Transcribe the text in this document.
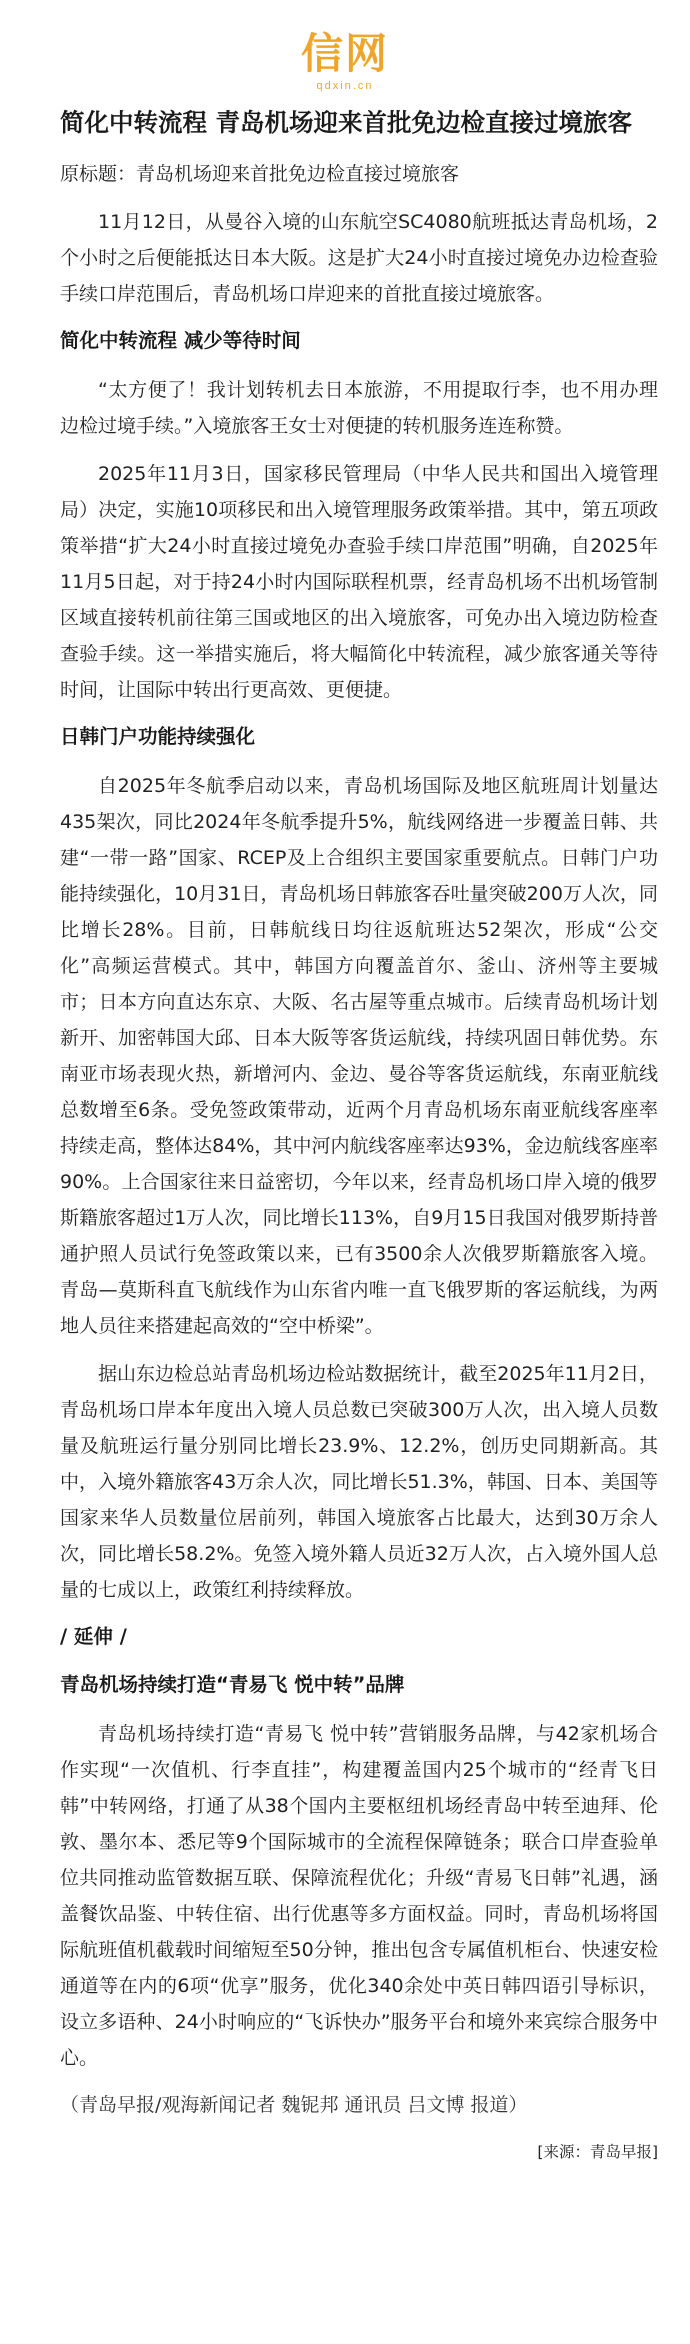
信网
qdxin.cn
简化中转流程 青岛机场迎来首批免边检直接过境旅客

原标题：青岛机场迎来首批免边检直接过境旅客

11月12日，从曼谷入境的山东航空SC4080航班抵达青岛机场，2个小时之后便能抵达日本大阪。这是扩大24小时直接过境免办边检查验手续口岸范围后，青岛机场口岸迎来的首批直接过境旅客。

简化中转流程 减少等待时间

“太方便了！我计划转机去日本旅游，不用提取行李，也不用办理边检过境手续。”入境旅客王女士对便捷的转机服务连连称赞。

2025年11月3日，国家移民管理局（中华人民共和国出入境管理局）决定，实施10项移民和出入境管理服务政策举措。其中，第五项政策举措“扩大24小时直接过境免办查验手续口岸范围”明确，自2025年11月5日起，对于持24小时内国际联程机票，经青岛机场不出机场管制区域直接转机前往第三国或地区的出入境旅客，可免办出入境边防检查查验手续。这一举措实施后，将大幅简化中转流程，减少旅客通关等待时间，让国际中转出行更高效、更便捷。

日韩门户功能持续强化

自2025年冬航季启动以来，青岛机场国际及地区航班周计划量达435架次，同比2024年冬航季提升5%，航线网络进一步覆盖日韩、共建“一带一路”国家、RCEP及上合组织主要国家重要航点。日韩门户功能持续强化，10月31日，青岛机场日韩旅客吞吐量突破200万人次，同比增长28%。目前，日韩航线日均往返航班达52架次，形成“公交化”高频运营模式。其中，韩国方向覆盖首尔、釜山、济州等主要城市；日本方向直达东京、大阪、名古屋等重点城市。后续青岛机场计划新开、加密韩国大邱、日本大阪等客货运航线，持续巩固日韩优势。东南亚市场表现火热，新增河内、金边、曼谷等客货运航线，东南亚航线总数增至6条。受免签政策带动，近两个月青岛机场东南亚航线客座率持续走高，整体达84%，其中河内航线客座率达93%，金边航线客座率90%。上合国家往来日益密切，今年以来，经青岛机场口岸入境的俄罗斯籍旅客超过1万人次，同比增长113%，自9月15日我国对俄罗斯持普通护照人员试行免签政策以来，已有3500余人次俄罗斯籍旅客入境。青岛—莫斯科直飞航线作为山东省内唯一直飞俄罗斯的客运航线，为两地人员往来搭建起高效的“空中桥梁”。

据山东边检总站青岛机场边检站数据统计，截至2025年11月2日，青岛机场口岸本年度出入境人员总数已突破300万人次，出入境人员数量及航班运行量分别同比增长23.9%、12.2%，创历史同期新高。其中，入境外籍旅客43万余人次，同比增长51.3%，韩国、日本、美国等国家来华人员数量位居前列，韩国入境旅客占比最大，达到30万余人次，同比增长58.2%。免签入境外籍人员近32万人次，占入境外国人总量的七成以上，政策红利持续释放。

/ 延伸 /
青岛机场持续打造“青易飞 悦中转”品牌

青岛机场持续打造“青易飞 悦中转”营销服务品牌，与42家机场合作实现“一次值机、行李直挂”，构建覆盖国内25个城市的“经青飞日韩”中转网络，打通了从38个国内主要枢纽机场经青岛中转至迪拜、伦敦、墨尔本、悉尼等9个国际城市的全流程保障链条；联合口岸查验单位共同推动监管数据互联、保障流程优化；升级“青易飞日韩”礼遇，涵盖餐饮品鉴、中转住宿、出行优惠等多方面权益。同时，青岛机场将国际航班值机截载时间缩短至50分钟，推出包含专属值机柜台、快速安检通道等在内的6项“优享”服务，优化340余处中英日韩四语引导标识，设立多语种、24小时响应的“飞诉快办”服务平台和境外来宾综合服务中心。

（青岛早报/观海新闻记者 魏铌邦 通讯员 吕文博 报道）
[来源：青岛早报]
